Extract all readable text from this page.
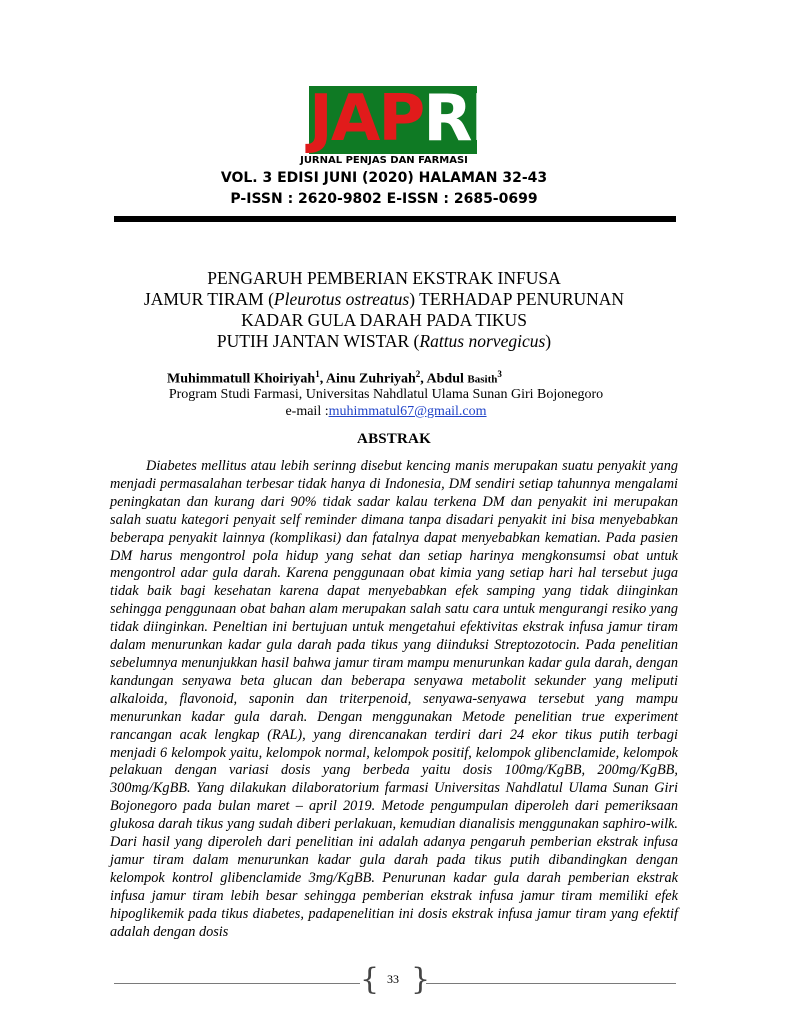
JAPRI
JURNAL PENJAS DAN FARMASI
VOL. 3 EDISI JUNI (2020) HALAMAN 32-43
P-ISSN : 2620-9802 E-ISSN : 2685-0699
PENGARUH PEMBERIAN EKSTRAK INFUSA
JAMUR TIRAM (Pleurotus ostreatus) TERHADAP PENURUNAN
KADAR GULA DARAH PADA TIKUS
PUTIH JANTAN WISTAR (Rattus norvegicus)
Muhimmatull Khoiriyah$^1$, Ainu Zuhriyah$^2$, Abdul Basith$^3$
Program Studi Farmasi, Universitas Nahdlatul Ulama Sunan Giri Bojonegoro
e-mail :muhimmatul67@gmail.com
ABSTRAK

Diabetes mellitus atau lebih serinng disebut kencing manis merupakan suatu penyakit yang menjadi permasalahan terbesar tidak hanya di Indonesia, DM sendiri setiap tahunnya mengalami peningkatan dan kurang dari 90% tidak sadar kalau terkena DM dan penyakit ini merupakan salah suatu kategori penyait self reminder dimana tanpa disadari penyakit ini bisa menyebabkan beberapa penyakit lainnya (komplikasi) dan fatalnya dapat menyebabkan kematian. Pada pasien DM harus mengontrol pola hidup yang sehat dan setiap harinya mengkonsumsi obat untuk mengontrol adar gula darah. Karena penggunaan obat kimia yang setiap hari hal tersebut juga tidak baik bagi kesehatan karena dapat menyebabkan efek samping yang tidak diinginkan sehingga penggunaan obat bahan alam merupakan salah satu cara untuk mengurangi resiko yang tidak diinginkan. Peneltian ini bertujuan untuk mengetahui efektivitas ekstrak infusa jamur tiram dalam menurunkan kadar gula darah pada tikus yang diinduksi Streptozotocin. Pada penelitian sebelumnya menunjukkan hasil bahwa jamur tiram mampu menurunkan kadar gula darah, dengan kandungan senyawa beta glucan dan beberapa senyawa metabolit sekunder yang meliputi alkaloida, flavonoid, saponin dan triterpenoid, senyawa-senyawa tersebut yang mampu menurunkan kadar gula darah. Dengan menggunakan Metode penelitian true experiment rancangan acak lengkap (RAL), yang direncanakan terdiri dari 24 ekor tikus putih terbagi menjadi 6 kelompok yaitu, kelompok normal, kelompok positif, kelompok glibenclamide, kelompok pelakuan dengan variasi dosis yang berbeda yaitu dosis 100mg/KgBB, 200mg/KgBB, 300mg/KgBB. Yang dilakukan dilaboratorium farmasi Universitas Nahdlatul Ulama Sunan Giri Bojonegoro pada bulan maret – april 2019. Metode pengumpulan diperoleh dari pemeriksaan glukosa darah tikus yang sudah diberi perlakuan, kemudian dianalisis menggunakan saphiro-wilk. Dari hasil yang diperoleh dari penelitian ini adalah adanya pengaruh pemberian ekstrak infusa jamur tiram dalam menurunkan kadar gula darah pada tikus putih dibandingkan dengan kelompok kontrol glibenclamide 3mg/KgBB. Penurunan kadar gula darah pemberian ekstrak infusa jamur tiram lebih besar sehingga pemberian ekstrak infusa jamur tiram memiliki efek hipoglikemik pada tikus diabetes, padapenelitian ini dosis ekstrak infusa jamur tiram yang efektif adalah dengan dosis

{ 33 }
